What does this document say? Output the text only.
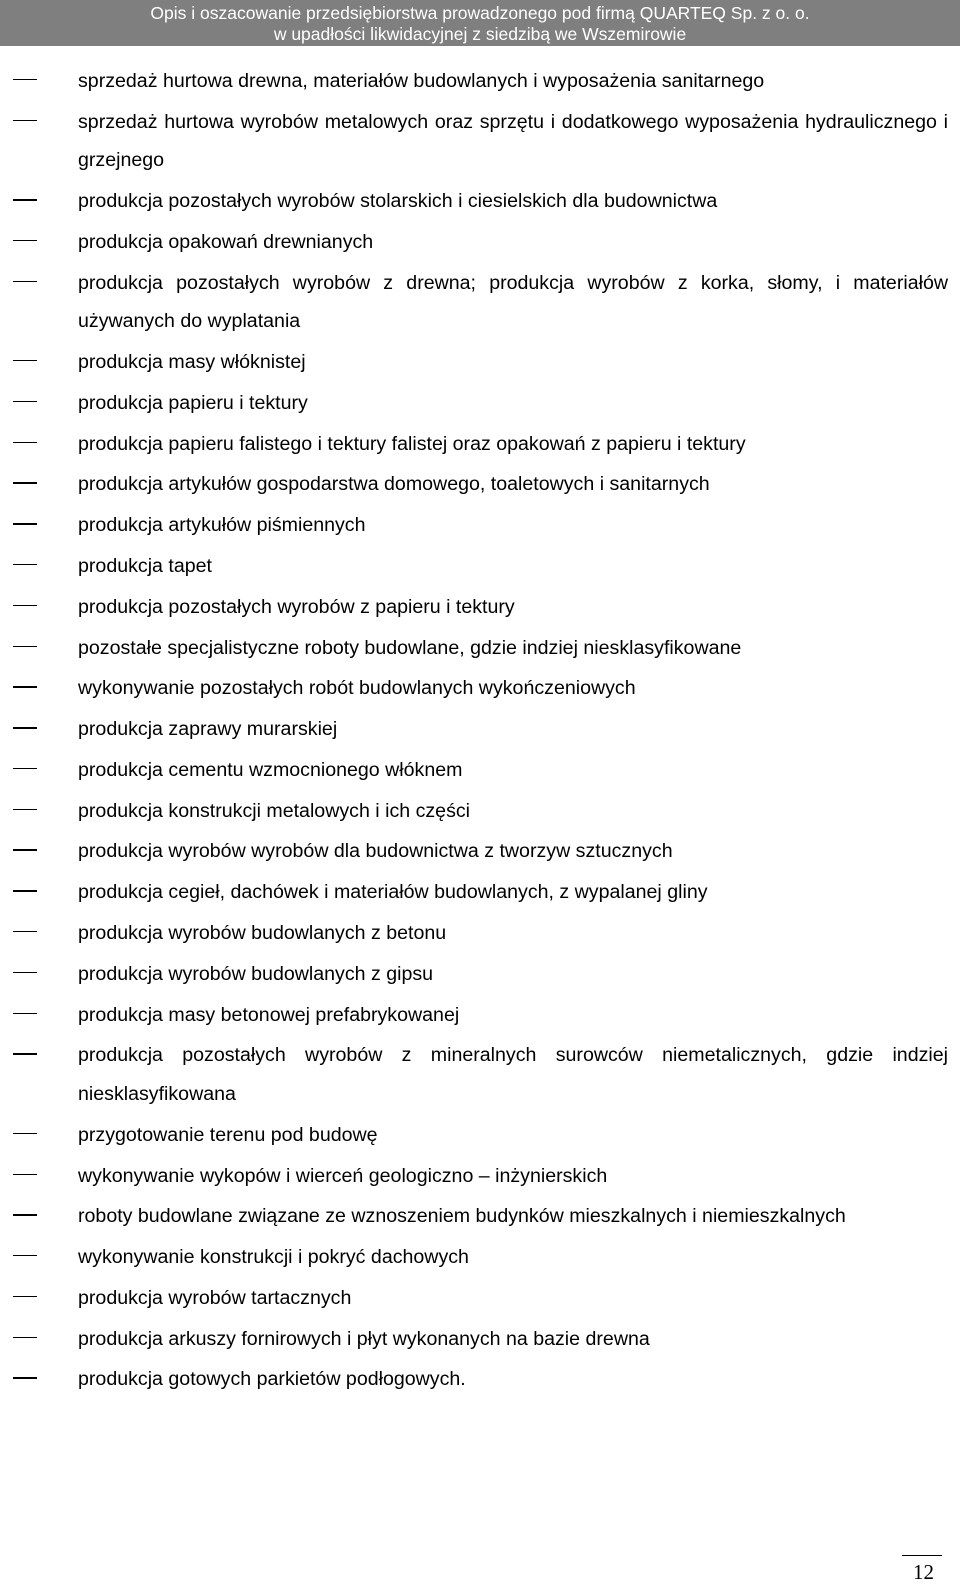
Opis i oszacowanie przedsiębiorstwa prowadzonego pod firmą QUARTEQ Sp. z o. o.
w upadłości likwidacyjnej z siedzibą we Wszemirowie
sprzedaż hurtowa drewna, materiałów budowlanych i wyposażenia sanitarnego
sprzedaż hurtowa wyrobów metalowych oraz sprzętu i dodatkowego wyposażenia hydraulicznego i grzejnego
produkcja pozostałych wyrobów stolarskich i ciesielskich dla budownictwa
produkcja opakowań drewnianych
produkcja pozostałych wyrobów z drewna; produkcja wyrobów z korka, słomy, i materiałów używanych do wyplatania
produkcja masy włóknistej
produkcja papieru i tektury
produkcja papieru falistego i tektury falistej oraz opakowań z papieru i tektury
produkcja artykułów gospodarstwa domowego, toaletowych i sanitarnych
produkcja artykułów piśmiennych
produkcja tapet
produkcja pozostałych wyrobów z papieru i tektury
pozostałe specjalistyczne roboty budowlane, gdzie indziej niesklasyfikowane
wykonywanie pozostałych robót budowlanych wykończeniowych
produkcja zaprawy murarskiej
produkcja cementu wzmocnionego włóknem
produkcja konstrukcji metalowych i ich części
produkcja wyrobów wyrobów dla budownictwa z tworzyw sztucznych
produkcja cegieł, dachówek i materiałów budowlanych, z wypalanej gliny
produkcja wyrobów budowlanych z betonu
produkcja wyrobów budowlanych z gipsu
produkcja masy betonowej prefabrykowanej
produkcja pozostałych wyrobów z mineralnych surowców niemetalicznych, gdzie indziej niesklasyfikowana
przygotowanie terenu pod budowę
wykonywanie wykopów i wierceń geologiczno – inżynierskich
roboty budowlane związane ze wznoszeniem budynków mieszkalnych i niemieszkalnych
wykonywanie konstrukcji i pokryć dachowych
produkcja wyrobów tartacznych
produkcja arkuszy fornirowych i płyt wykonanych na bazie drewna
produkcja gotowych parkietów podłogowych.
12
